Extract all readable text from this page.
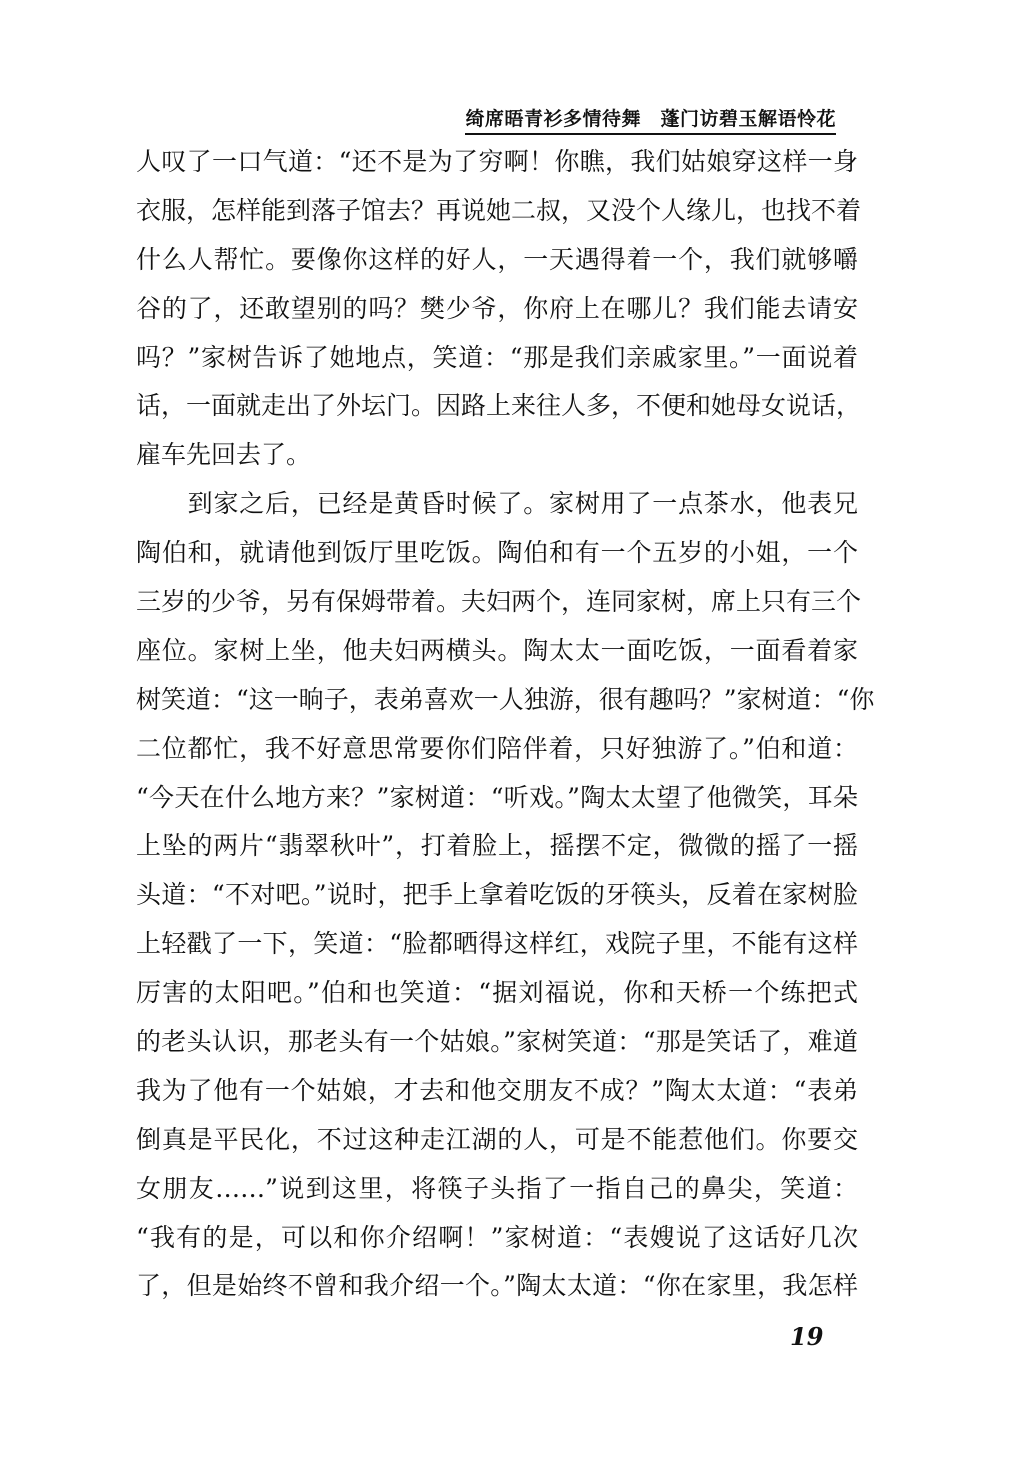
绮席晤青衫多情待舞　蓬门访碧玉解语怜花
人叹了一口气道：“还不是为了穷啊！你瞧，我们姑娘穿这样一身
衣服，怎样能到落子馆去？再说她二叔，又没个人缘儿，也找不着
什么人帮忙。要像你这样的好人，一天遇得着一个，我们就够嚼
谷的了，还敢望别的吗？樊少爷，你府上在哪儿？我们能去请安
吗？”家树告诉了她地点，笑道：“那是我们亲戚家里。”一面说着
话，一面就走出了外坛门。因路上来往人多，不便和她母女说话，
雇车先回去了。
　　到家之后，已经是黄昏时候了。家树用了一点茶水，他表兄
陶伯和，就请他到饭厅里吃饭。陶伯和有一个五岁的小姐，一个
三岁的少爷，另有保姆带着。夫妇两个，连同家树，席上只有三个
座位。家树上坐，他夫妇两横头。陶太太一面吃饭，一面看着家
树笑道：“这一晌子，表弟喜欢一人独游，很有趣吗？”家树道：“你
二位都忙，我不好意思常要你们陪伴着，只好独游了。”伯和道：
“今天在什么地方来？”家树道：“听戏。”陶太太望了他微笑，耳朵
上坠的两片“翡翠秋叶”，打着脸上，摇摆不定，微微的摇了一摇
头道：“不对吧。”说时，把手上拿着吃饭的牙筷头，反着在家树脸
上轻戳了一下，笑道：“脸都晒得这样红，戏院子里，不能有这样
厉害的太阳吧。”伯和也笑道：“据刘福说，你和天桥一个练把式
的老头认识，那老头有一个姑娘。”家树笑道：“那是笑话了，难道
我为了他有一个姑娘，才去和他交朋友不成？”陶太太道：“表弟
倒真是平民化，不过这种走江湖的人，可是不能惹他们。你要交
女朋友……”说到这里，将筷子头指了一指自己的鼻尖，笑道：
“我有的是，可以和你介绍啊！”家树道：“表嫂说了这话好几次
了，但是始终不曾和我介绍一个。”陶太太道：“你在家里，我怎样
19
